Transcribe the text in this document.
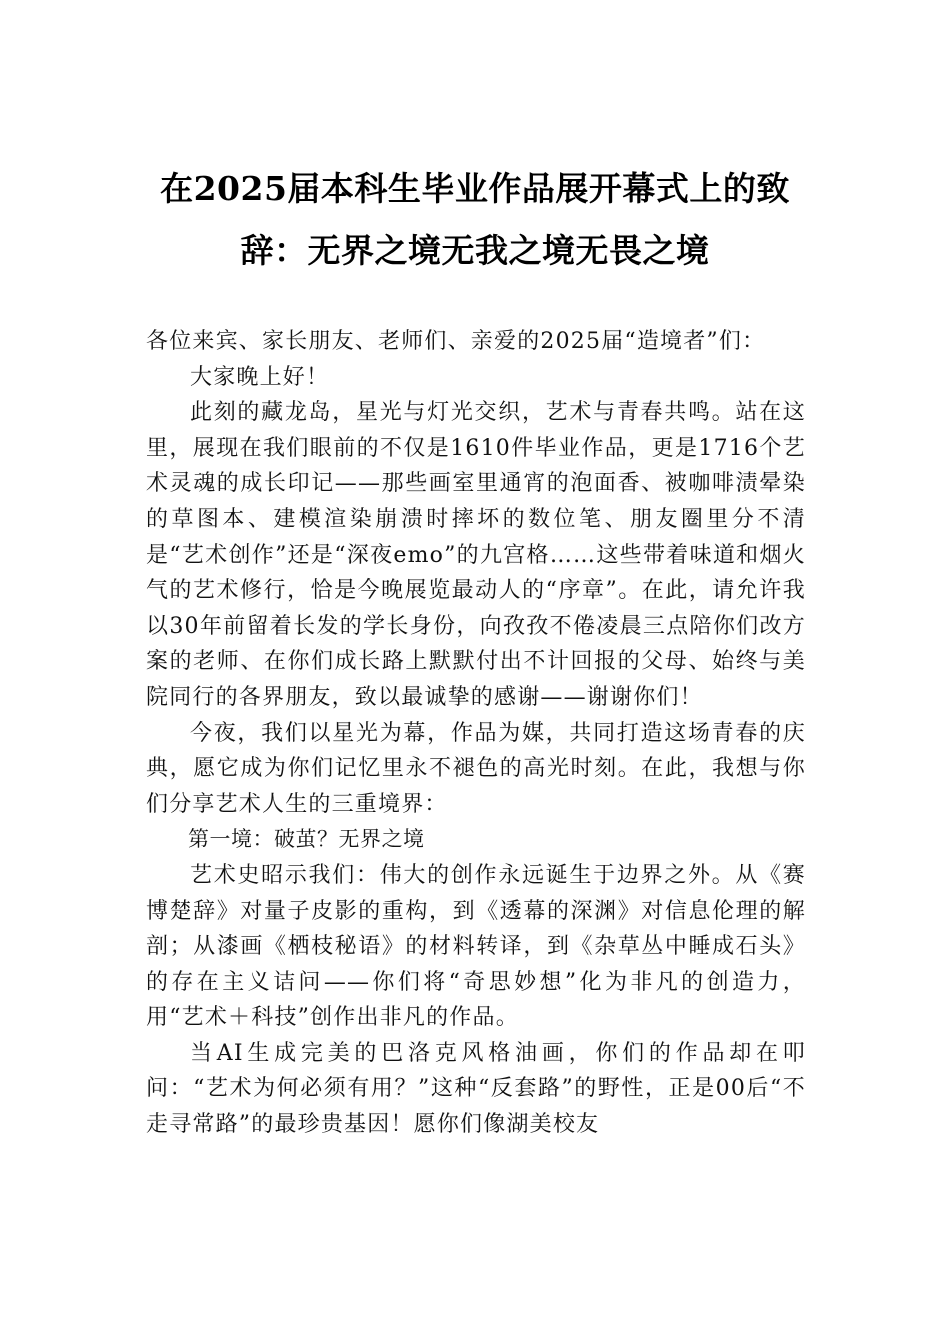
在2025届本科生毕业作品展开幕式上的致辞：无界之境无我之境无畏之境

各位来宾、家长朋友、老师们、亲爱的2025届“造境者”们：

大家晚上好！

此刻的藏龙岛，星光与灯光交织，艺术与青春共鸣。站在这里，展现在我们眼前的不仅是1610件毕业作品，更是1716个艺术灵魂的成长印记——那些画室里通宵的泡面香、被咖啡渍晕染的草图本、建模渲染崩溃时摔坏的数位笔、朋友圈里分不清是“艺术创作”还是“深夜emo”的九宫格……这些带着味道和烟火气的艺术修行，恰是今晚展览最动人的“序章”。在此，请允许我以30年前留着长发的学长身份，向孜孜不倦凌晨三点陪你们改方案的老师、在你们成长路上默默付出不计回报的父母、始终与美院同行的各界朋友，致以最诚挚的感谢——谢谢你们！

今夜，我们以星光为幕，作品为媒，共同打造这场青春的庆典，愿它成为你们记忆里永不褪色的高光时刻。在此，我想与你们分享艺术人生的三重境界：

第一境：破茧？无界之境

艺术史昭示我们：伟大的创作永远诞生于边界之外。从《赛博楚辞》对量子皮影的重构，到《透幕的深渊》对信息伦理的解剖；从漆画《栖枝秘语》的材料转译，到《杂草丛中睡成石头》的存在主义诘问——你们将“奇思妙想”化为非凡的创造力，用“艺术＋科技”创作出非凡的作品。

当AI生成完美的巴洛克风格油画，你们的作品却在叩问：“艺术为何必须有用？”这种“反套路”的野性，正是00后“不走寻常路”的最珍贵基因！愿你们像湖美校友
